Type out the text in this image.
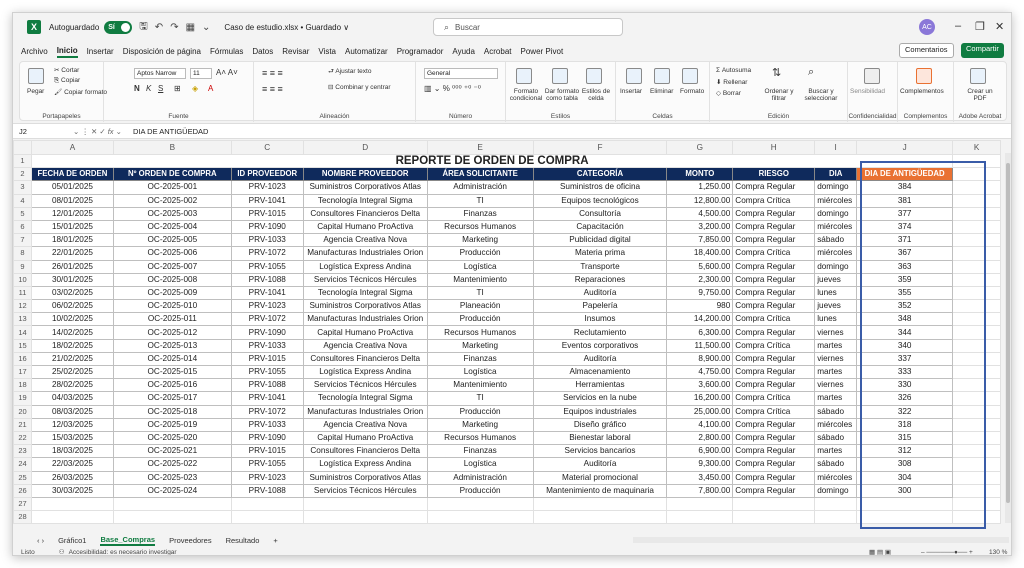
X	Autoguardado	Sí	🖫 ↶ ↷ ▦ ⌄ Caso de estudio.xlsx • Guardado ∨	⌕ Buscar	AC – ❐ ✕
Archivo Inicio Insertar Disposición de página Fórmulas Datos Revisar Vista Automatizar Programador Ayuda Acrobat Power Pivot	Comentarios	Compartir
Pegar
✂ Cortar
⎘ Copiar
🖌 Copiar formato
Portapapeles
Aptos Narrow	11	A˄ A˅
N K S ⊞ ◈ A
Fuente
≡ ≡ ≡
≡ ≡ ≡
⮐ Ajustar texto
⊟ Combinar y centrar
Alineación
General
▥ ⌄ % ⁰⁰⁰ ⁺⁰ ⁻⁰
Número
Formato condicional
Dar formato como tabla
Estilos de celda
Estilos
Insertar Eliminar Formato
Celdas
Σ Autosuma
⬇ Rellenar
◇ Borrar
⇅ ⌕
Ordenar y filtrar
Buscar y seleccionar
Edición
Sensibilidad
Confidencialidad
Complementos
Complementos
Crear un PDF
Adobe Acrobat
J2	⌄ ⋮ ✕ ✓ fx ⌄	DIA DE ANTIGÜEDAD
	A	B	C	D	E	F	G	H	I	J	K
1	REPORTE DE ORDEN DE COMPRA										
2	FECHA DE ORDEN	Nº ORDEN DE COMPRA	ID PROVEEDOR	NOMBRE PROVEEDOR	ÁREA SOLICITANTE	CATEGORÍA	MONTO	RIESGO	DIA	DIA DE ANTIGÜEDAD	
3	05/01/2025	OC-2025-001	PRV-1023	Suministros Corporativos Atlas	Administración	Suministros de oficina	1,250.00	Compra Regular	domingo	384	
4	08/01/2025	OC-2025-002	PRV-1041	Tecnología Integral Sigma	TI	Equipos tecnológicos	12,800.00	Compra Crítica	miércoles	381	
5	12/01/2025	OC-2025-003	PRV-1015	Consultores Financieros Delta	Finanzas	Consultoría	4,500.00	Compra Regular	domingo	377	
6	15/01/2025	OC-2025-004	PRV-1090	Capital Humano ProActiva	Recursos Humanos	Capacitación	3,200.00	Compra Regular	miércoles	374	
7	18/01/2025	OC-2025-005	PRV-1033	Agencia Creativa Nova	Marketing	Publicidad digital	7,850.00	Compra Regular	sábado	371	
8	22/01/2025	OC-2025-006	PRV-1072	Manufacturas Industriales Orion	Producción	Materia prima	18,400.00	Compra Crítica	miércoles	367	
9	26/01/2025	OC-2025-007	PRV-1055	Logística Express Andina	Logística	Transporte	5,600.00	Compra Regular	domingo	363	
10	30/01/2025	OC-2025-008	PRV-1088	Servicios Técnicos Hércules	Mantenimiento	Reparaciones	2,300.00	Compra Regular	jueves	359	
11	03/02/2025	OC-2025-009	PRV-1041	Tecnología Integral Sigma	TI	Auditoría	9,750.00	Compra Regular	lunes	355	
12	06/02/2025	OC-2025-010	PRV-1023	Suministros Corporativos Atlas	Planeación	Papelería	980	Compra Regular	jueves	352	
13	10/02/2025	OC-2025-011	PRV-1072	Manufacturas Industriales Orion	Producción	Insumos	14,200.00	Compra Crítica	lunes	348	
14	14/02/2025	OC-2025-012	PRV-1090	Capital Humano ProActiva	Recursos Humanos	Reclutamiento	6,300.00	Compra Regular	viernes	344	
15	18/02/2025	OC-2025-013	PRV-1033	Agencia Creativa Nova	Marketing	Eventos corporativos	11,500.00	Compra Crítica	martes	340	
16	21/02/2025	OC-2025-014	PRV-1015	Consultores Financieros Delta	Finanzas	Auditoría	8,900.00	Compra Regular	viernes	337	
17	25/02/2025	OC-2025-015	PRV-1055	Logística Express Andina	Logística	Almacenamiento	4,750.00	Compra Regular	martes	333	
18	28/02/2025	OC-2025-016	PRV-1088	Servicios Técnicos Hércules	Mantenimiento	Herramientas	3,600.00	Compra Regular	viernes	330	
19	04/03/2025	OC-2025-017	PRV-1041	Tecnología Integral Sigma	TI	Servicios en la nube	16,200.00	Compra Crítica	martes	326	
20	08/03/2025	OC-2025-018	PRV-1072	Manufacturas Industriales Orion	Producción	Equipos industriales	25,000.00	Compra Crítica	sábado	322	
21	12/03/2025	OC-2025-019	PRV-1033	Agencia Creativa Nova	Marketing	Diseño gráfico	4,100.00	Compra Regular	miércoles	318	
22	15/03/2025	OC-2025-020	PRV-1090	Capital Humano ProActiva	Recursos Humanos	Bienestar laboral	2,800.00	Compra Regular	sábado	315	
23	18/03/2025	OC-2025-021	PRV-1015	Consultores Financieros Delta	Finanzas	Servicios bancarios	6,900.00	Compra Regular	martes	312	
24	22/03/2025	OC-2025-022	PRV-1055	Logística Express Andina	Logística	Auditoría	9,300.00	Compra Regular	sábado	308	
25	26/03/2025	OC-2025-023	PRV-1023	Suministros Corporativos Atlas	Administración	Material promocional	3,450.00	Compra Regular	miércoles	304	
26	30/03/2025	OC-2025-024	PRV-1088	Servicios Técnicos Hércules	Producción	Mantenimiento de maquinaria	7,800.00	Compra Regular	domingo	300	
27											
28											
‹ › Gráfico1 Base_Compras Proveedores Resultado +
Listo	⚇ Accesibilidad: es necesario investigar	▦ ▤ ▣	– ──────●── + 130 %
